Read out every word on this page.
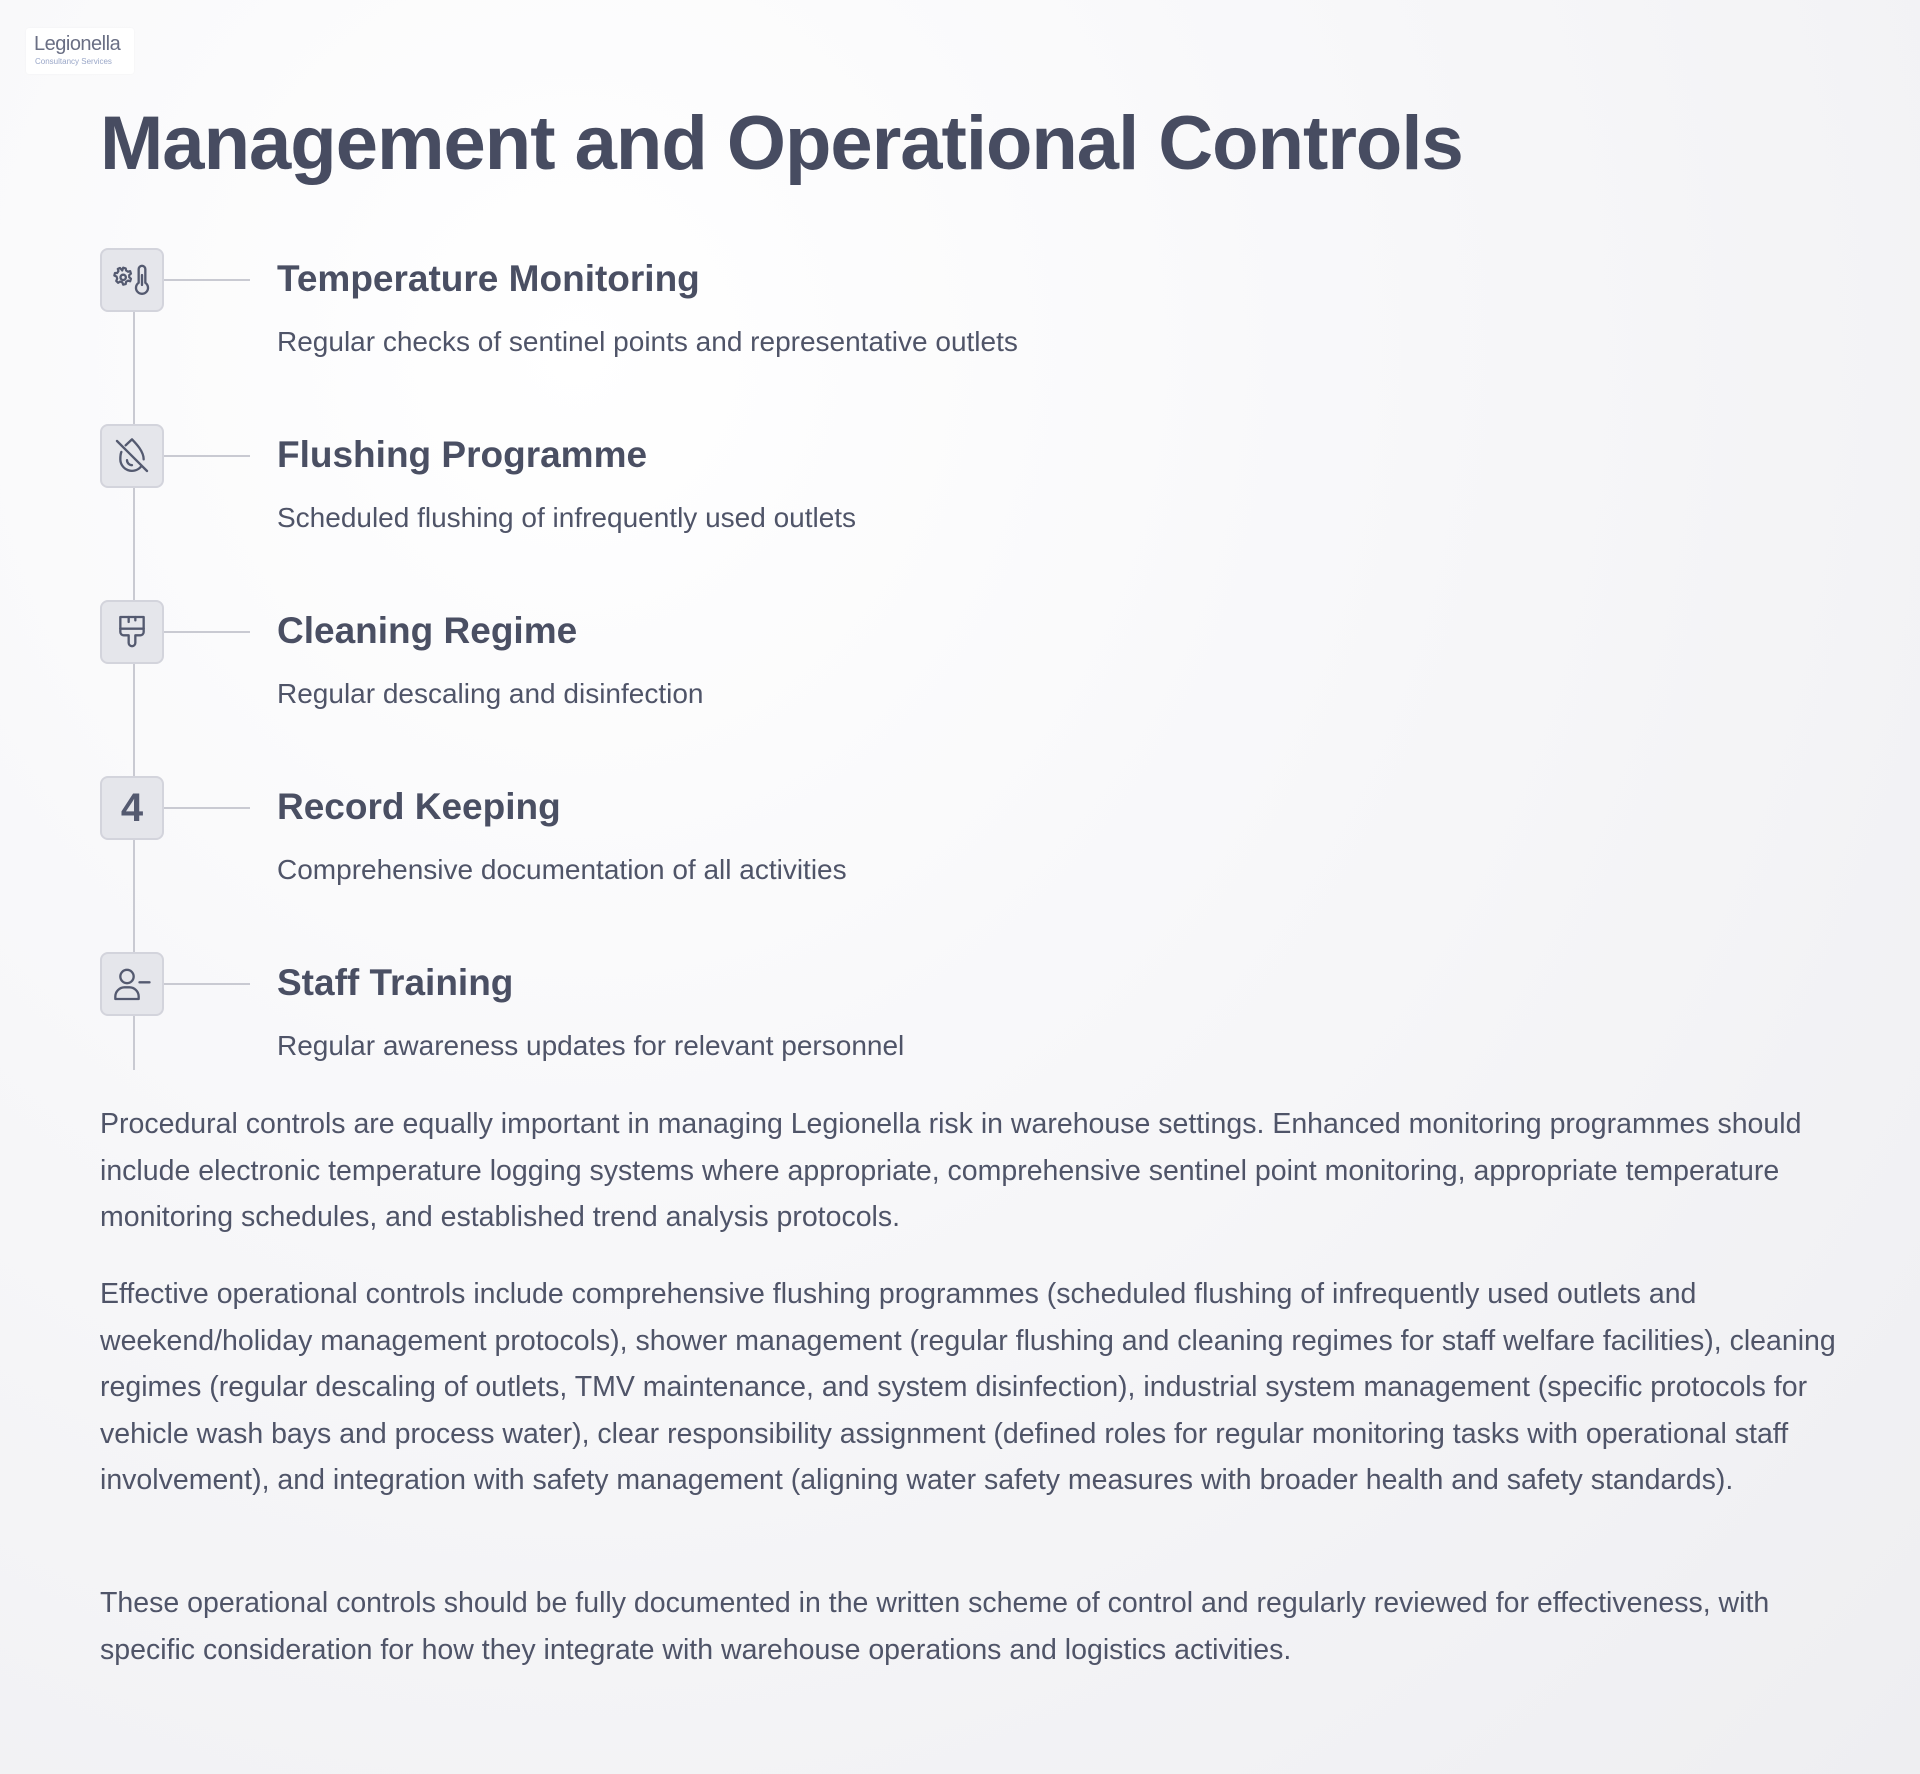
Legionella
Consultancy Services
Management and Operational Controls
Temperature Monitoring
Regular checks of sentinel points and representative outlets
Flushing Programme
Scheduled flushing of infrequently used outlets
Cleaning Regime
Regular descaling and disinfection
4	Record Keeping
Comprehensive documentation of all activities
Staff Training
Regular awareness updates for relevant personnel

Procedural controls are equally important in managing Legionella risk in warehouse settings. Enhanced monitoring programmes should include electronic temperature logging systems where appropriate, comprehensive sentinel point monitoring, appropriate temperature monitoring schedules, and established trend analysis protocols.

Effective operational controls include comprehensive flushing programmes (scheduled flushing of infrequently used outlets and weekend/holiday management protocols), shower management (regular flushing and cleaning regimes for staff welfare facilities), cleaning regimes (regular descaling of outlets, TMV maintenance, and system disinfection), industrial system management (specific protocols for vehicle wash bays and process water), clear responsibility assignment (defined roles for regular monitoring tasks with operational staff involvement), and integration with safety management (aligning water safety measures with broader health and safety standards).

These operational controls should be fully documented in the written scheme of control and regularly reviewed for effectiveness, with specific consideration for how they integrate with warehouse operations and logistics activities.
